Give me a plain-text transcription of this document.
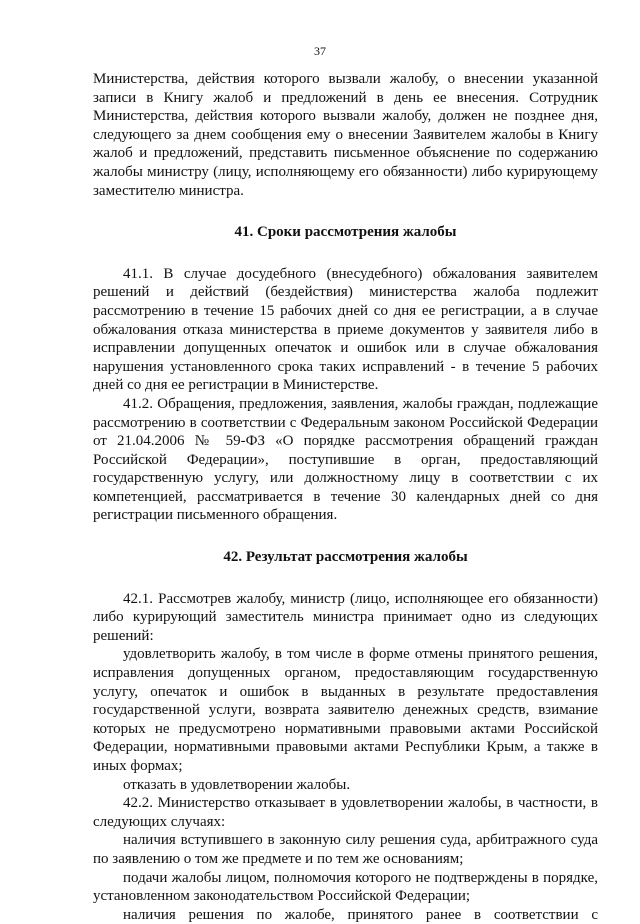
37

Министерства, действия которого вызвали жалобу, о внесении указанной записи в Книгу жалоб и предложений в день ее внесения. Сотрудник Министерства, действия которого вызвали жалобу, должен не позднее дня, следующего за днем сообщения ему о внесении Заявителем жалобы в Книгу жалоб и предложений, представить письменное объяснение по содержанию жалобы министру (лицу, исполняющему его обязанности) либо курирующему заместителю министра.

41. Сроки рассмотрения жалобы

41.1. В случае досудебного (внесудебного) обжалования заявителем решений и действий (бездействия) министерства жалоба подлежит рассмотрению в течение 15 рабочих дней со дня ее регистрации, а в случае обжалования отказа министерства в приеме документов у заявителя либо в исправлении допущенных опечаток и ошибок или в случае обжалования нарушения установленного срока таких исправлений - в течение 5 рабочих дней со дня ее регистрации в Министерстве.

41.2. Обращения, предложения, заявления, жалобы граждан, подлежащие рассмотрению в соответствии с Федеральным законом Российской Федерации от 21.04.2006 № 59-ФЗ «О порядке рассмотрения обращений граждан Российской Федерации», поступившие в орган, предоставляющий государственную услугу, или должностному лицу в соответствии с их компетенцией, рассматривается в течение 30 календарных дней со дня регистрации письменного обращения.

42. Результат рассмотрения жалобы

42.1. Рассмотрев жалобу, министр (лицо, исполняющее его обязанности) либо курирующий заместитель министра принимает одно из следующих решений:

удовлетворить жалобу, в том числе в форме отмены принятого решения, исправления допущенных органом, предоставляющим государственную услугу, опечаток и ошибок в выданных в результате предоставления государственной услуги, возврата заявителю денежных средств, взимание которых не предусмотрено нормативными правовыми актами Российской Федерации, нормативными правовыми актами Республики Крым, а также в иных формах;

отказать в удовлетворении жалобы.

42.2. Министерство отказывает в удовлетворении жалобы, в частности, в следующих случаях:

наличия вступившего в законную силу решения суда, арбитражного суда по заявлению о том же предмете и по тем же основаниям;

подачи жалобы лицом, полномочия которого не подтверждены в порядке, установленном законодательством Российской Федерации;

наличия решения по жалобе, принятого ранее в соответствии с
